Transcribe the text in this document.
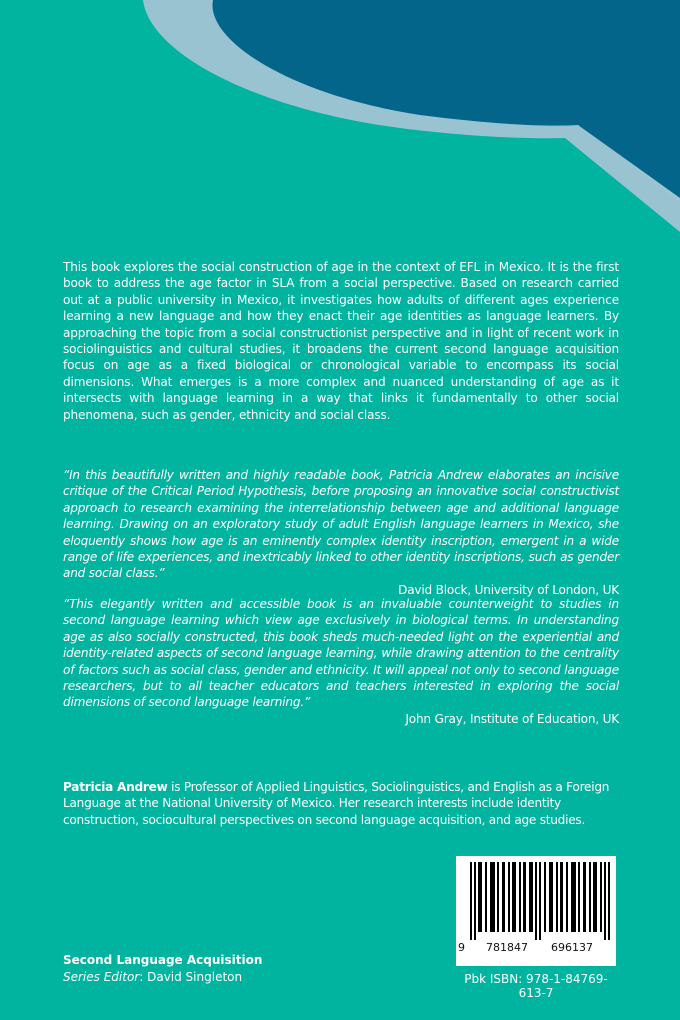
This book explores the social construction of age in the context of EFL in Mexico. It is the first book to address the age factor in SLA from a social perspective. Based on research carried out at a public university in Mexico, it investigates how adults of different ages experience learning a new language and how they enact their age identities as language learners. By approaching the topic from a social constructionist perspective and in light of recent work in sociolinguistics and cultural studies, it broadens the current second language acquisition focus on age as a fixed biological or chronological variable to encompass its social dimensions. What emerges is a more complex and nuanced understanding of age as it intersects with language learning in a way that links it fundamentally to other social phenomena, such as gender, ethnicity and social class.
“In this beautifully written and highly readable book, Patricia Andrew elaborates an incisive critique of the Critical Period Hypothesis, before proposing an innovative social constructivist approach to research examining the interrelationship between age and additional language learning. Drawing on an exploratory study of adult English language learners in Mexico, she eloquently shows how age is an eminently complex identity inscription, emergent in a wide range of life experiences, and inextricably linked to other identity inscriptions, such as gender and social class.”
David Block, University of London, UK
“This elegantly written and accessible book is an invaluable counterweight to studies in second language learning which view age exclusively in biological terms. In understanding age as also socially constructed, this book sheds much-needed light on the experiential and identity-related aspects of second language learning, while drawing attention to the centrality of factors such as social class, gender and ethnicity. It will appeal not only to second language researchers, but to all teacher educators and teachers interested in exploring the social dimensions of second language learning.”
John Gray, Institute of Education, UK
Patricia Andrew is Professor of Applied Linguistics, Sociolinguistics, and English as a Foreign Language at the National University of Mexico. Her research interests include identity construction, sociocultural perspectives on second language acquisition, and age studies.
Second Language Acquisition
Series Editor: David Singleton
9 781847 696137
Pbk ISBN: 978-1-84769-613-7
